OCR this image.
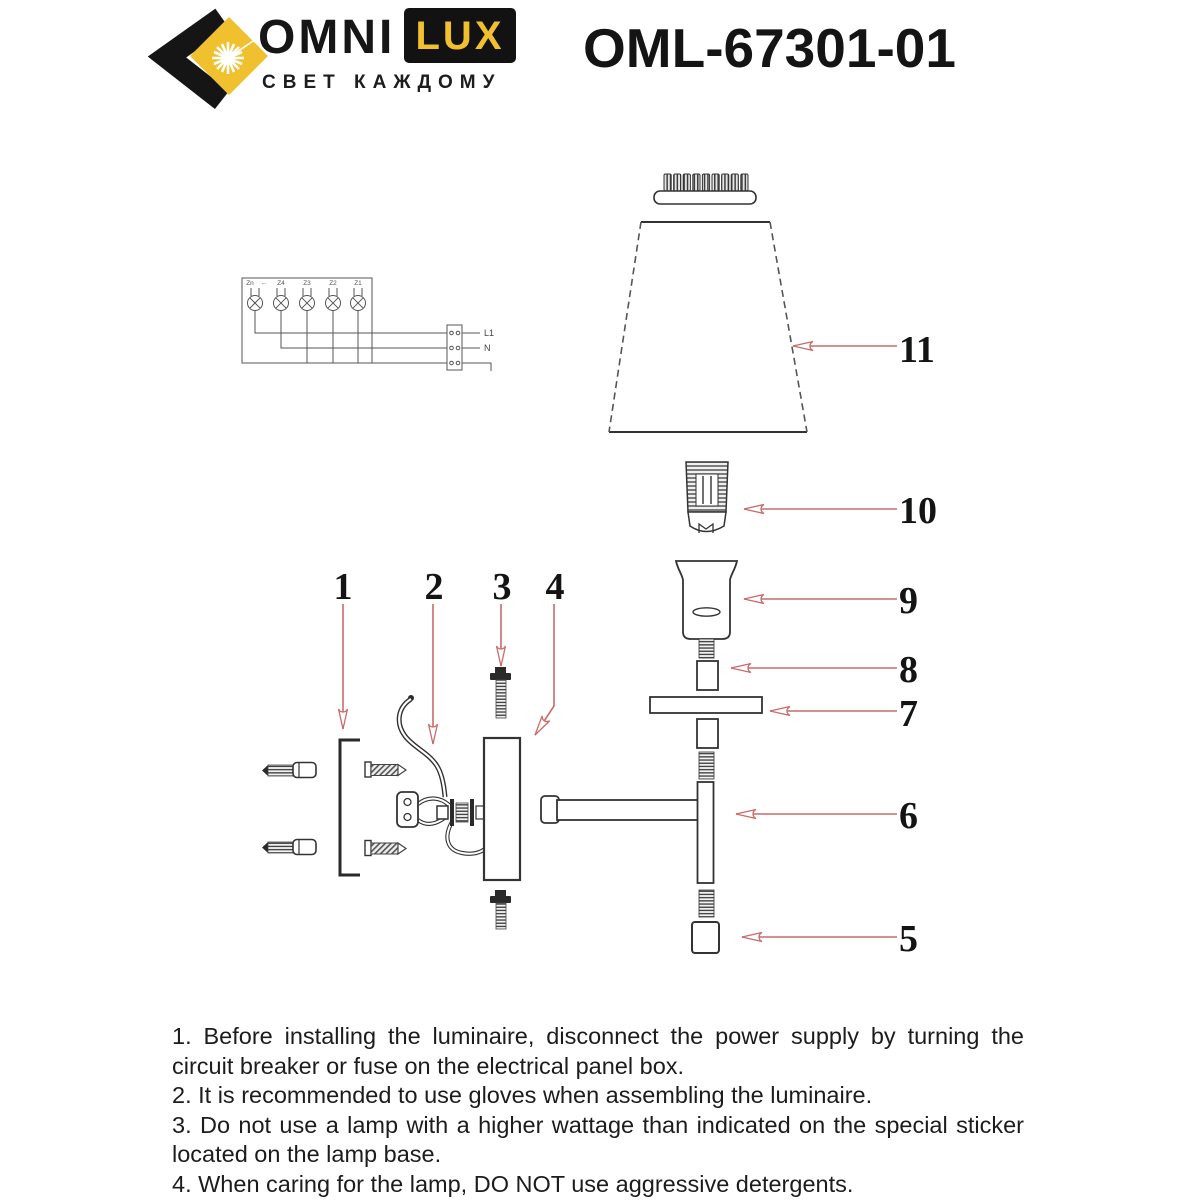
OMNI LUX
СВЕТ КАЖДОМУ
OML-67301-01
L1
N
Zn ← Z4	Z3	Z2	Z1
1 2 3 4
5
6
7
8
9
10
11

1. Before installing the luminaire, disconnect the power supply by turning the circuit breaker or fuse on the electrical panel box.

2. It is recommended to use gloves when assembling the luminaire.

3. Do not use a lamp with a higher wattage than indicated on the special sticker located on the lamp base.

4. When caring for the lamp, DO NOT use aggressive detergents.
